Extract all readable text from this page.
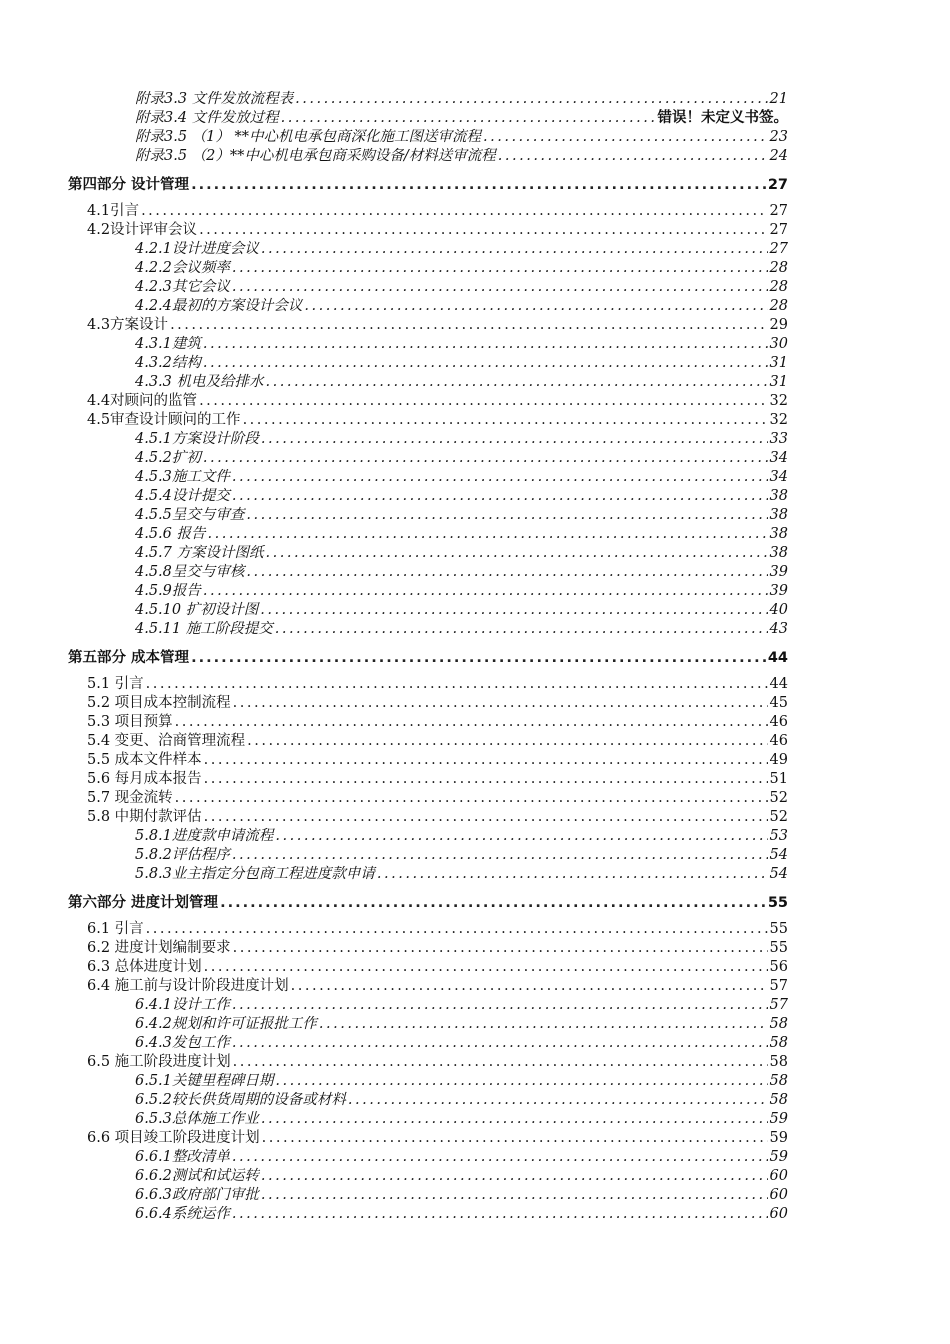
附录3.3 文件发放流程表 .....	21
附录3.4 文件发放过程 .....	错误！未定义书签。
附录3.5 （1） **中心机电承包商深化施工图送审流程 .....	23
附录3.5 （2）**中心机电承包商采购设备/材料送审流程 .....	24
第四部分 设计管理 .....	27
4.1引言 .....	27
4.2设计评审会议 .....	27
4.2.1设计进度会议 .....	27
4.2.2会议频率 .....	28
4.2.3其它会议 .....	28
4.2.4最初的方案设计会议 .....	28
4.3方案设计 .....	29
4.3.1建筑 .....	30
4.3.2结构 .....	31
4.3.3 机电及给排水 .....	31
4.4对顾问的监管 .....	32
4.5审查设计顾问的工作 .....	32
4.5.1方案设计阶段 .....	33
4.5.2扩初 .....	34
4.5.3施工文件 .....	34
4.5.4设计提交 .....	38
4.5.5呈交与审查 .....	38
4.5.6 报告 .....	38
4.5.7 方案设计图纸 .....	38
4.5.8呈交与审核 .....	39
4.5.9报告 .....	39
4.5.10 扩初设计图 .....	40
4.5.11 施工阶段提交 .....	43
第五部分 成本管理 .....	44
5.1 引言 .....	44
5.2 项目成本控制流程 .....	45
5.3 项目预算 .....	46
5.4 变更、洽商管理流程 .....	46
5.5 成本文件样本 .....	49
5.6 每月成本报告 .....	51
5.7 现金流转 .....	52
5.8 中期付款评估 .....	52
5.8.1进度款申请流程 .....	53
5.8.2评估程序 .....	54
5.8.3业主指定分包商工程进度款申请 .....	54
第六部分 进度计划管理 .....	55
6.1 引言 .....	55
6.2 进度计划编制要求 .....	55
6.3 总体进度计划 .....	56
6.4 施工前与设计阶段进度计划 .....	57
6.4.1设计工作 .....	57
6.4.2规划和许可证报批工作 .....	58
6.4.3发包工作 .....	58
6.5 施工阶段进度计划 .....	58
6.5.1关键里程碑日期 .....	58
6.5.2较长供货周期的设备或材料 .....	58
6.5.3总体施工作业 .....	59
6.6 项目竣工阶段进度计划 .....	59
6.6.1整改清单 .....	59
6.6.2测试和试运转 .....	60
6.6.3政府部门审批 .....	60
6.6.4系统运作 .....	60
